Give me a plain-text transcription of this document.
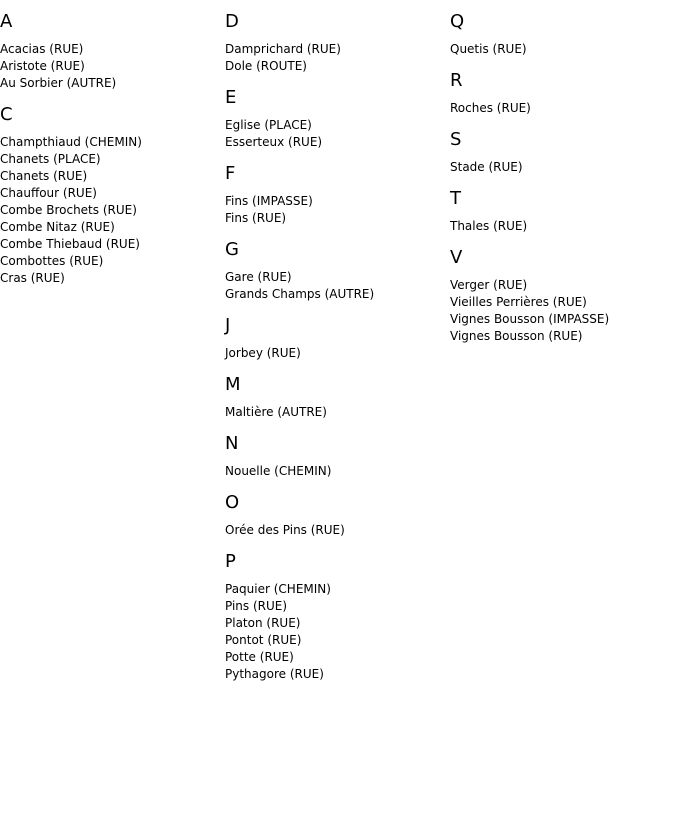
A
Acacias (RUE)
Aristote (RUE)
Au Sorbier (AUTRE)
C
Champthiaud (CHEMIN)
Chanets (PLACE)
Chanets (RUE)
Chauffour (RUE)
Combe Brochets (RUE)
Combe Nitaz (RUE)
Combe Thiebaud (RUE)
Combottes (RUE)
Cras (RUE)
D
Damprichard (RUE)
Dole (ROUTE)
E
Eglise (PLACE)
Esserteux (RUE)
F
Fins (IMPASSE)
Fins (RUE)
G
Gare (RUE)
Grands Champs (AUTRE)
J
Jorbey (RUE)
M
Maltière (AUTRE)
N
Nouelle (CHEMIN)
O
Orée des Pins (RUE)
P
Paquier (CHEMIN)
Pins (RUE)
Platon (RUE)
Pontot (RUE)
Potte (RUE)
Pythagore (RUE)
Q
Quetis (RUE)
R
Roches (RUE)
S
Stade (RUE)
T
Thales (RUE)
V
Verger (RUE)
Vieilles Perrières (RUE)
Vignes Bousson (IMPASSE)
Vignes Bousson (RUE)
